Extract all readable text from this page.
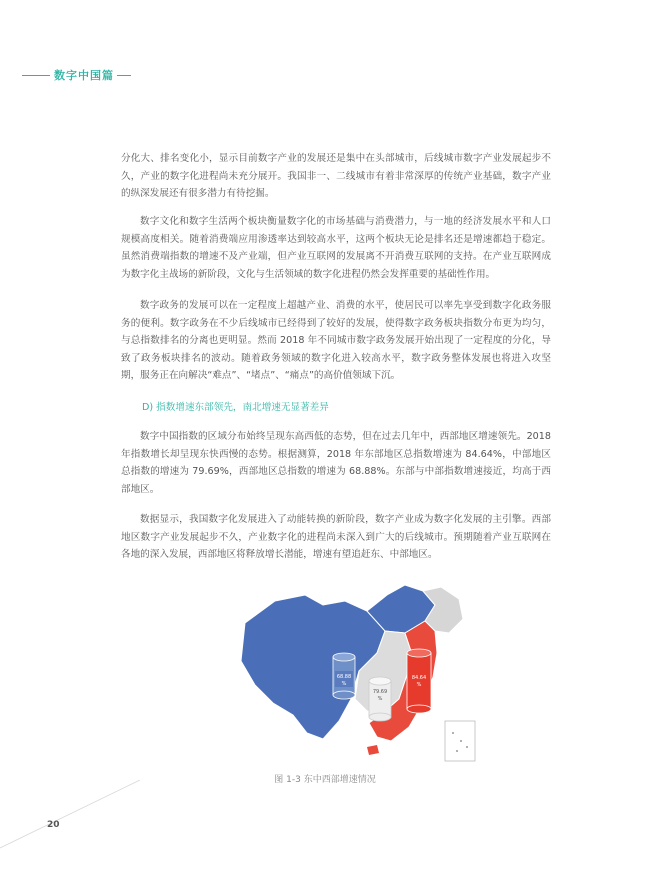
数字中国篇

分化大、排名变化小，显示目前数字产业的发展还是集中在头部城市，后线城市数字产业发展起步不久，产业的数字化进程尚未充分展开。我国非一、二线城市有着非常深厚的传统产业基础，数字产业的纵深发展还有很多潜力有待挖掘。

数字文化和数字生活两个板块衡量数字化的市场基础与消费潜力，与一地的经济发展水平和人口规模高度相关。随着消费端应用渗透率达到较高水平，这两个板块无论是排名还是增速都趋于稳定。虽然消费端指数的增速不及产业端，但产业互联网的发展离不开消费互联网的支持。在产业互联网成为数字化主战场的新阶段，文化与生活领域的数字化进程仍然会发挥重要的基础性作用。

数字政务的发展可以在一定程度上超越产业、消费的水平，使居民可以率先享受到数字化政务服务的便利。数字政务在不少后线城市已经得到了较好的发展，使得数字政务板块指数分布更为均匀，与总指数排名的分离也更明显。然而 2018 年不同城市数字政务发展开始出现了一定程度的分化，导致了政务板块排名的波动。随着政务领域的数字化进入较高水平，数字政务整体发展也将进入攻坚期，服务正在向解决“难点”、“堵点”、“痛点”的高价值领域下沉。

D) 指数增速东部领先，南北增速无显著差异

数字中国指数的区域分布始终呈现东高西低的态势，但在过去几年中，西部地区增速领先。2018 年指数增长却呈现东快西慢的态势。根据测算，2018 年东部地区总指数增速为 84.64%，中部地区总指数的增速为 79.69%，西部地区总指数的增速为 68.88%。东部与中部指数增速接近，均高于西部地区。

数据显示，我国数字化发展进入了动能转换的新阶段，数字产业成为数字化发展的主引擎。西部地区数字产业发展起步不久，产业数字化的进程尚未深入到广大的后线城市。预期随着产业互联网在各地的深入发展，西部地区将释放增长潜能，增速有望追赶东、中部地区。

68.88
%
79.69
%
84.64
%
图 1-3 东中西部增速情况
20
